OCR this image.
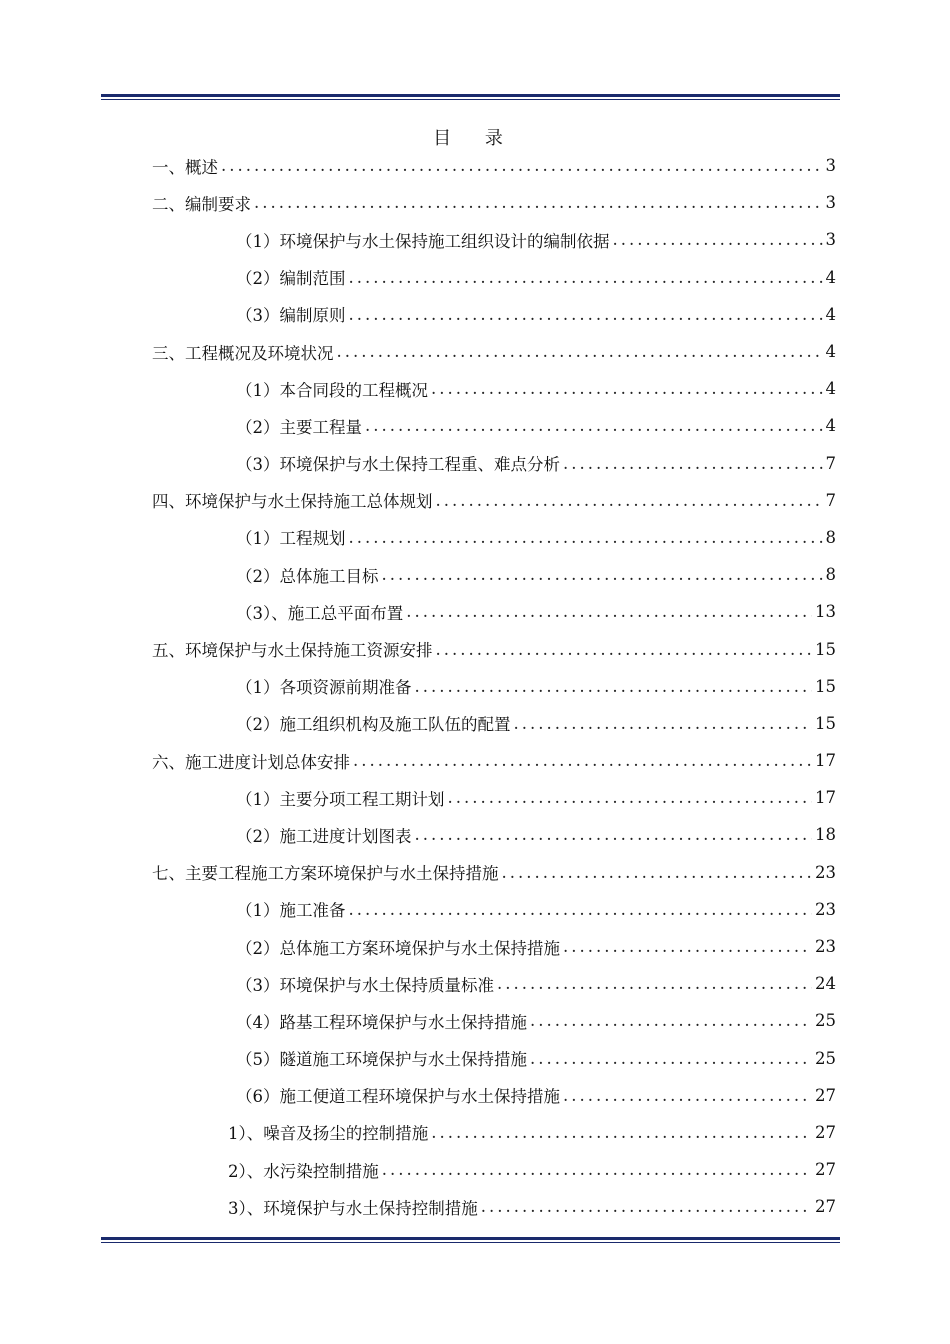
目 录
一、概述 .....	3
二、编制要求 .....	3
（1）环境保护与水土保持施工组织设计的编制依据 .....	3
（2）编制范围 .....	4
（3）编制原则 .....	4
三、工程概况及环境状况 .....	4
（1）本合同段的工程概况 .....	4
（2）主要工程量 .....	4
（3）环境保护与水土保持工程重、难点分析 .....	7
四、环境保护与水土保持施工总体规划 .....	7
（1）工程规划 .....	8
（2）总体施工目标 .....	8
（3）、施工总平面布置 .....	13
五、环境保护与水土保持施工资源安排 .....	15
（1）各项资源前期准备 .....	15
（2）施工组织机构及施工队伍的配置 .....	15
六、施工进度计划总体安排 .....	17
（1）主要分项工程工期计划 .....	17
（2）施工进度计划图表 .....	18
七、主要工程施工方案环境保护与水土保持措施 .....	23
（1）施工准备 .....	23
（2）总体施工方案环境保护与水土保持措施 .....	23
（3）环境保护与水土保持质量标准 .....	24
（4）路基工程环境保护与水土保持措施 .....	25
（5）隧道施工环境保护与水土保持措施 .....	25
（6）施工便道工程环境保护与水土保持措施 .....	27
1）、噪音及扬尘的控制措施 .....	27
2）、水污染控制措施 .....	27
3）、环境保护与水土保持控制措施 .....	27
